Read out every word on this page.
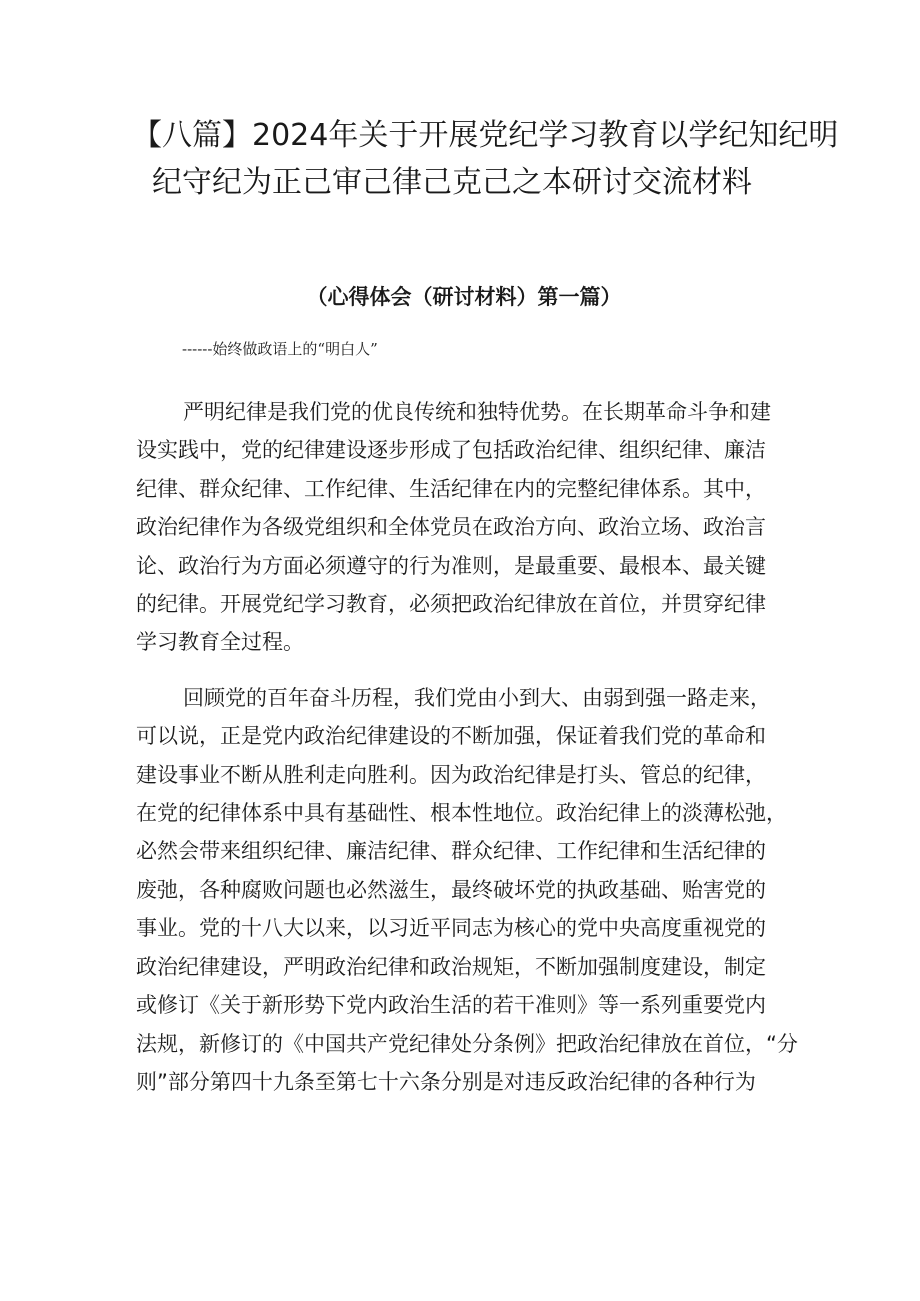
【八篇】2024年关于开展党纪学习教育以学纪知纪明
纪守纪为正己审己律己克己之本研讨交流材料
（心得体会（研讨材料）第一篇）

------始终做政语上的“明白人”

严明纪律是我们党的优良传统和独特优势。在长期革命斗争和建
设实践中，党的纪律建设逐步形成了包括政治纪律、组织纪律、廉洁
纪律、群众纪律、工作纪律、生活纪律在内的完整纪律体系。其中，
政治纪律作为各级党组织和全体党员在政治方向、政治立场、政治言
论、政治行为方面必须遵守的行为准则，是最重要、最根本、最关键
的纪律。开展党纪学习教育，必须把政治纪律放在首位，并贯穿纪律
学习教育全过程。

回顾党的百年奋斗历程，我们党由小到大、由弱到强一路走来，
可以说，正是党内政治纪律建设的不断加强，保证着我们党的革命和
建设事业不断从胜利走向胜利。因为政治纪律是打头、管总的纪律，
在党的纪律体系中具有基础性、根本性地位。政治纪律上的淡薄松弛，
必然会带来组织纪律、廉洁纪律、群众纪律、工作纪律和生活纪律的
废弛，各种腐败问题也必然滋生，最终破坏党的执政基础、贻害党的
事业。党的十八大以来，以习近平同志为核心的党中央高度重视党的
政治纪律建设，严明政治纪律和政治规矩，不断加强制度建设，制定
或修订《关于新形势下党内政治生活的若干准则》等一系列重要党内
法规，新修订的《中国共产党纪律处分条例》把政治纪律放在首位，“分
则”部分第四十九条至第七十六条分别是对违反政治纪律的各种行为
